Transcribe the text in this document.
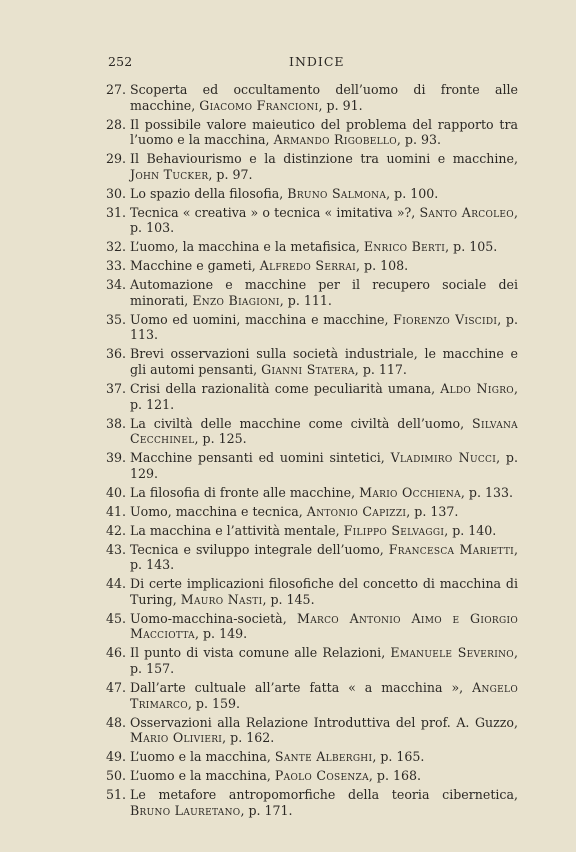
252	INDICE
27. Scoperta ed occultamento dell’uomo di fronte alle macchine, Giacomo Francioni, p. 91.
28. Il possibile valore maieutico del problema del rapporto tra l’uomo e la macchina, Armando Rigobello, p. 93.
29. Il Behaviourismo e la distinzione tra uomini e macchine, John Tucker, p. 97.
30. Lo spazio della filosofia, Bruno Salmona, p. 100.
31. Tecnica « creativa » o tecnica « imitativa »?, Santo Arcoleo, p. 103.
32. L’uomo, la macchina e la metafisica, Enrico Berti, p. 105.
33. Macchine e gameti, Alfredo Serrai, p. 108.
34. Automazione e macchine per il recupero sociale dei minorati, Enzo Biagioni, p. 111.
35. Uomo ed uomini, macchina e macchine, Fiorenzo Viscidi, p. 113.
36. Brevi osservazioni sulla società industriale, le macchine e gli automi pensanti, Gianni Statera, p. 117.
37. Crisi della razionalità come peculiarità umana, Aldo Nigro, p. 121.
38. La civiltà delle macchine come civiltà dell’uomo, Silvana Cecchinel, p. 125.
39. Macchine pensanti ed uomini sintetici, Vladimiro Nucci, p. 129.
40. La filosofia di fronte alle macchine, Mario Occhiena, p. 133.
41. Uomo, macchina e tecnica, Antonio Capizzi, p. 137.
42. La macchina e l’attività mentale, Filippo Selvaggi, p. 140.
43. Tecnica e sviluppo integrale dell’uomo, Francesca Marietti, p. 143.
44. Di certe implicazioni filosofiche del concetto di macchina di Turing, Mauro Nasti, p. 145.
45. Uomo-macchina-società, Marco Antonio Aimo e Giorgio Macciotta, p. 149.
46. Il punto di vista comune alle Relazioni, Emanuele Severino, p. 157.
47. Dall’arte cultuale all’arte fatta « a macchina », Angelo Trimarco, p. 159.
48. Osservazioni alla Relazione Introduttiva del prof. A. Guzzo, Mario Olivieri, p. 162.
49. L’uomo e la macchina, Sante Alberghi, p. 165.
50. L’uomo e la macchina, Paolo Cosenza, p. 168.
51. Le metafore antropomorfiche della teoria cibernetica, Bruno Lauretano, p. 171.
